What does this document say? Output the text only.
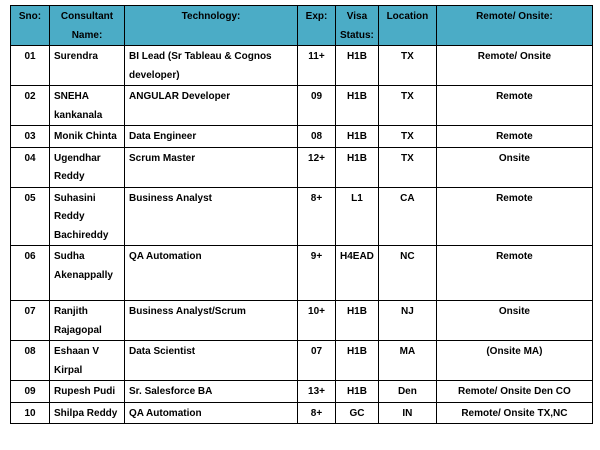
Sno:	Consultant Name:	Technology:	Exp:	Visa Status:	Location	Remote/ Onsite:
01	Surendra	BI Lead (Sr Tableau & Cognos developer)	11+	H1B	TX	Remote/ Onsite
02	SNEHA kankanala	ANGULAR Developer	09	H1B	TX	Remote
03	Monik Chinta	Data Engineer	08	H1B	TX	Remote
04	Ugendhar Reddy	Scrum Master	12+	H1B	TX	Onsite
05	Suhasini Reddy Bachireddy	Business Analyst	8+	L1	CA	Remote
06	Sudha Akenappally	QA Automation	9+	H4EAD	NC	Remote
07	Ranjith Rajagopal	Business Analyst/Scrum	10+	H1B	NJ	Onsite
08	Eshaan V Kirpal	Data Scientist	07	H1B	MA	(Onsite MA)
09	Rupesh Pudi	Sr. Salesforce BA	13+	H1B	Den	Remote/ Onsite Den CO
10	Shilpa Reddy	QA Automation	8+	GC	IN	Remote/ Onsite TX,NC
